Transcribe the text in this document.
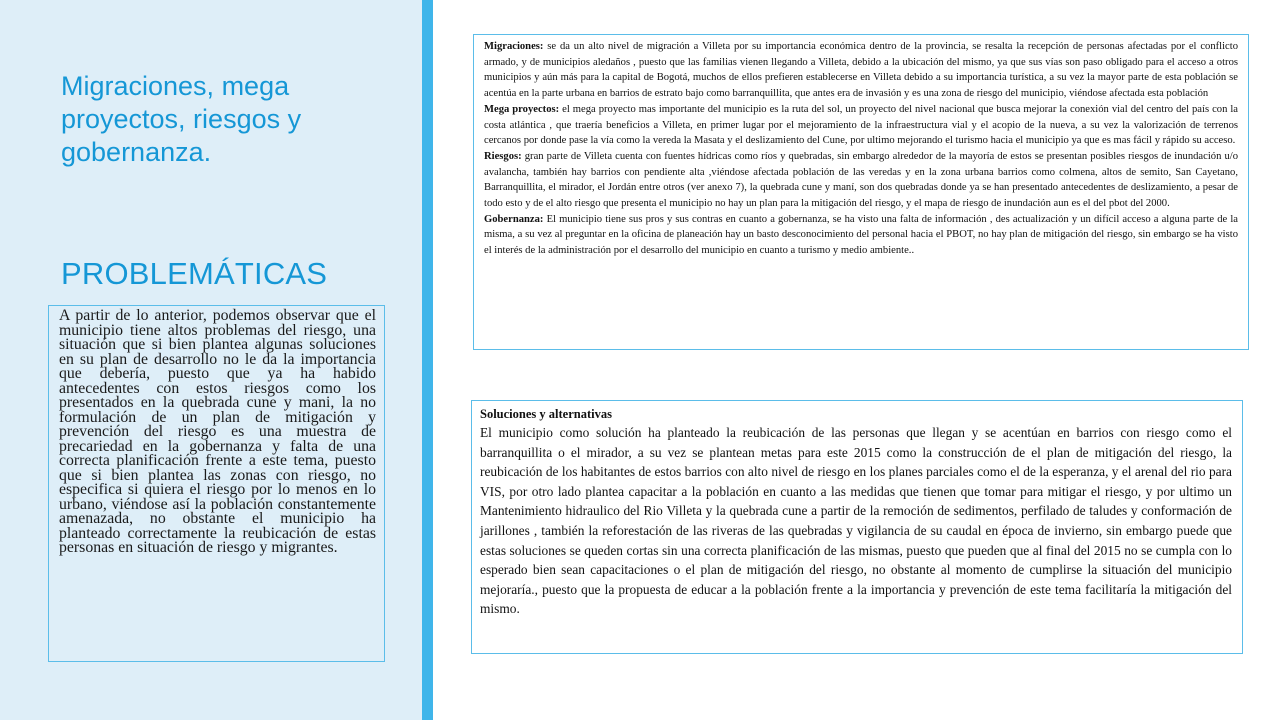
Migraciones, mega proyectos, riesgos y gobernanza.
PROBLEMÁTICAS

A partir de lo anterior, podemos observar que el municipio tiene altos problemas del riesgo, una situación que si bien plantea algunas soluciones en su plan de desarrollo no le da la importancia que debería, puesto que ya ha habido antecedentes con estos riesgos como los presentados en la quebrada cune y mani, la no formulación de un plan de mitigación y prevención del riesgo es una muestra de precariedad en la gobernanza y falta de una correcta planificación frente a este tema, puesto que si bien plantea las zonas con riesgo, no especifica si quiera el riesgo por lo menos en lo urbano, viéndose así la población constantemente amenazada, no obstante el municipio ha planteado correctamente la reubicación de estas personas en situación de riesgo y migrantes.

Migraciones: se da un alto nivel de migración a Villeta por su importancia económica dentro de la provincia, se resalta la recepción de personas afectadas por el conflicto armado, y de municipios aledaños , puesto que las familias vienen llegando a Villeta, debido a la ubicación del mismo, ya que sus vías son paso obligado para el acceso a otros municipios y aún más para la capital de Bogotá, muchos de ellos prefieren establecerse en Villeta debido a su importancia turística, a su vez la mayor parte de esta población se acentúa en la parte urbana en barrios de estrato bajo como barranquillita, que antes era de invasión y es una zona de riesgo del municipio, viéndose afectada esta población

Mega proyectos: el mega proyecto mas importante del municipio es la ruta del sol, un proyecto del nivel nacional que busca mejorar la conexión vial del centro del país con la costa atlántica , que traería beneficios a Villeta, en primer lugar por el mejoramiento de la infraestructura vial y el acopio de la nueva, a su vez la valorización de terrenos cercanos por donde pase la vía como la vereda la Masata y el deslizamiento del Cune, por ultimo mejorando el turismo hacia el municipio ya que es mas fácil y rápido su acceso.

Riesgos: gran parte de Villeta cuenta con fuentes hídricas como ríos y quebradas, sin embargo alrededor de la mayoría de estos se presentan posibles riesgos de inundación u/o avalancha, también hay barrios con pendiente alta ,viéndose afectada población de las veredas y en la zona urbana barrios como colmena, altos de semito, San Cayetano, Barranquillita, el mirador, el Jordán entre otros (ver anexo 7), la quebrada cune y maní, son dos quebradas donde ya se han presentado antecedentes de deslizamiento, a pesar de todo esto y de el alto riesgo que presenta el municipio no hay un plan para la mitigación del riesgo, y el mapa de riesgo de inundación aun es el del pbot del 2000.

Gobernanza: El municipio tiene sus pros y sus contras en cuanto a gobernanza, se ha visto una falta de información , des actualización y un difícil acceso a alguna parte de la misma, a su vez al preguntar en la oficina de planeación hay un basto desconocimiento del personal hacia el PBOT, no hay plan de mitigación del riesgo, sin embargo se ha visto el interés de la administración por el desarrollo del municipio en cuanto a turismo y medio ambiente..

Soluciones y alternativas

El municipio como solución ha planteado la reubicación de las personas que llegan y se acentúan en barrios con riesgo como el barranquillita o el mirador, a su vez se plantean metas para este 2015 como la construcción de el plan de mitigación del riesgo, la reubicación de los habitantes de estos barrios con alto nivel de riesgo en los planes parciales como el de la esperanza, y el arenal del rio para VIS, por otro lado plantea capacitar a la población en cuanto a las medidas que tienen que tomar para mitigar el riesgo, y por ultimo un Mantenimiento hidraulico del Rio Villeta y la quebrada cune a partir de la remoción de sedimentos, perfilado de taludes y conformación de jarillones , también la reforestación de las riveras de las quebradas y vigilancia de su caudal en época de invierno, sin embargo puede que estas soluciones se queden cortas sin una correcta planificación de las mismas, puesto que pueden que al final del 2015 no se cumpla con lo esperado bien sean capacitaciones o el plan de mitigación del riesgo, no obstante al momento de cumplirse la situación del municipio mejoraría., puesto que la propuesta de educar a la población frente a la importancia y prevención de este tema facilitaría la mitigación del mismo.
